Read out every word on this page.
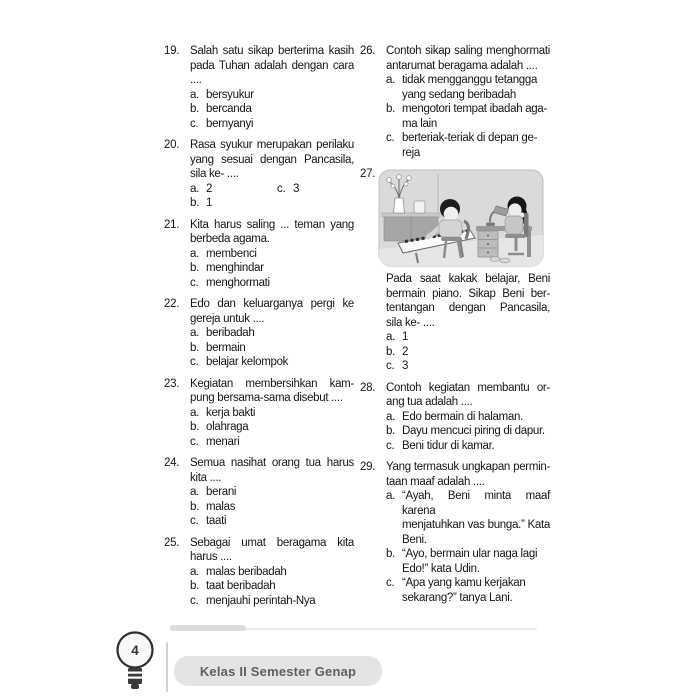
19. Salah satu sikap berterima kasih
pada Tuhan adalah dengan cara
....
a. bersyukur
b. bercanda
c. bernyanyi
20. Rasa syukur merupakan perilaku
yang sesuai dengan Pancasila,
sila ke- ....
a. 2	c. 3
b. 1
21. Kita harus saling ... teman yang
berbeda agama.
a. membenci
b. menghindar
c. menghormati
22. Edo dan keluarganya pergi ke
gereja untuk ....
a. beribadah
b. bermain
c. belajar kelompok
23. Kegiatan membersihkan kam-
pung bersama-sama disebut ....
a. kerja bakti
b. olahraga
c. menari
24. Semua nasihat orang tua harus
kita ....
a. berani
b. malas
c. taati
25. Sebagai umat beragama kita
harus ....
a. malas beribadah
b. taat beribadah
c. menjauhi perintah-Nya
26. Contoh sikap saling menghormati
antarumat beragama adalah ....
a. tidak mengganggu tetangga
yang sedang beribadah
b. mengotori tempat ibadah aga-
ma lain
c. berteriak-teriak di depan ge-
reja
27.
Pada saat kakak belajar, Beni
bermain piano. Sikap Beni ber-
tentangan dengan Pancasila,
sila ke- ....
a. 1
b. 2
c. 3
28. Contoh kegiatan membantu or-
ang tua adalah ....
a. Edo bermain di halaman.
b. Dayu mencuci piring di dapur.
c. Beni tidur di kamar.
29. Yang termasuk ungkapan permin-
taan maaf adalah ....
a. “Ayah, Beni minta maaf karena
menjatuhkan vas bunga.” Kata
Beni.
b. “Ayo, bermain ular naga lagi
Edo!” kata Udin.
c. “Apa yang kamu kerjakan
sekarang?” tanya Lani.
4
Kelas II Semester Genap
